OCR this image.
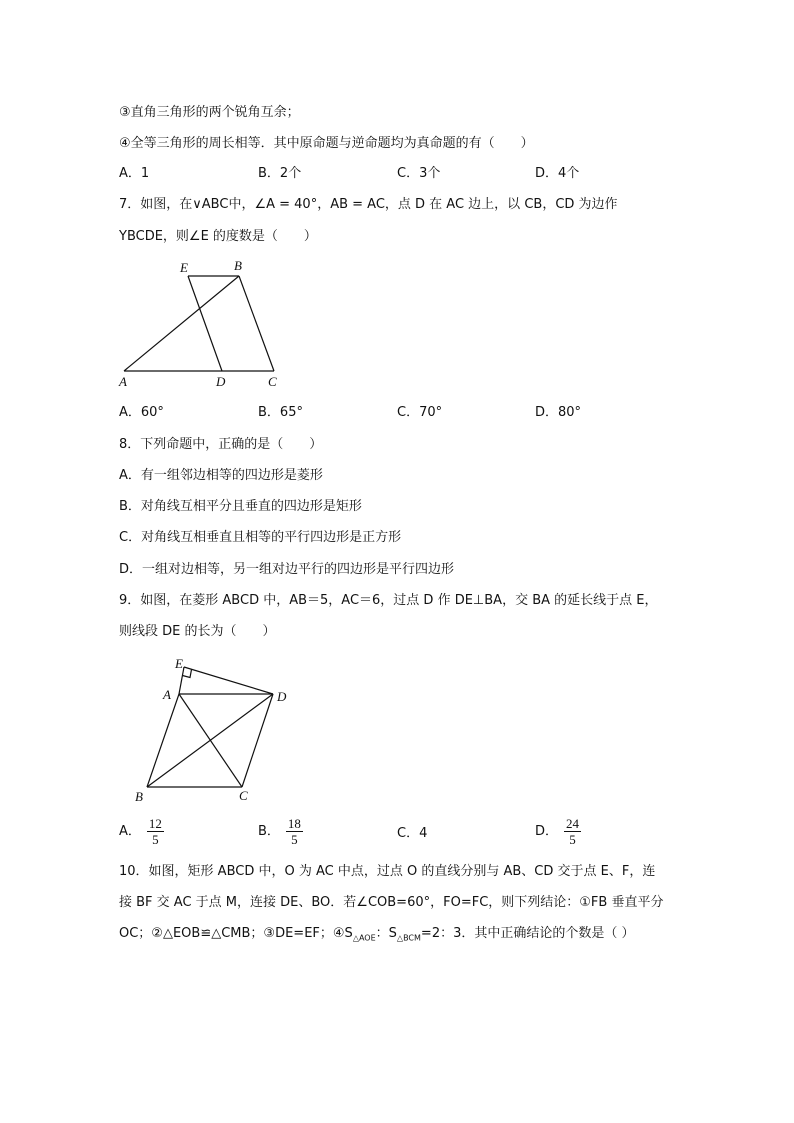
③直角三角形的两个锐角互余；
④全等三角形的周长相等．其中原命题与逆命题均为真命题的有（　　）
A．1	B．2个	C．3个	D．4个
7．如图，在∨ABC中，∠A = 40°，AB = AC，点 D 在 AC 边上，以 CB，CD 为边作
YBCDE，则∠E 的度数是（　　）
E	B
A	D	C
A．60°	B．65°	C．70°	D．80°
8．下列命题中，正确的是（　　）
A．有一组邻边相等的四边形是菱形
B．对角线互相平分且垂直的四边形是矩形
C．对角线互相垂直且相等的平行四边形是正方形
D．一组对边相等，另一组对边平行的四边形是平行四边形
9．如图，在菱形 ABCD 中，AB＝5，AC＝6，过点 D 作 DE⊥BA，交 BA 的延长线于点 E，
则线段 DE 的长为（　　）
E
A	D
B	C
A． $\frac{12}{5}$	B． $\frac{18}{5}$	C．4	D． $\frac{24}{5}$
10．如图，矩形 ABCD 中，O 为 AC 中点，过点 O 的直线分别与 AB、CD 交于点 E、F，连
接 BF 交 AC 于点 M，连接 DE、BO．若∠COB=60°，FO=FC，则下列结论：①FB 垂直平分
OC；②△EOB≌△CMB；③DE=EF；$④S_{\triangle AOE}$：$S_{\triangle BCM}=2$：3．其中正确结论的个数是（ ）
